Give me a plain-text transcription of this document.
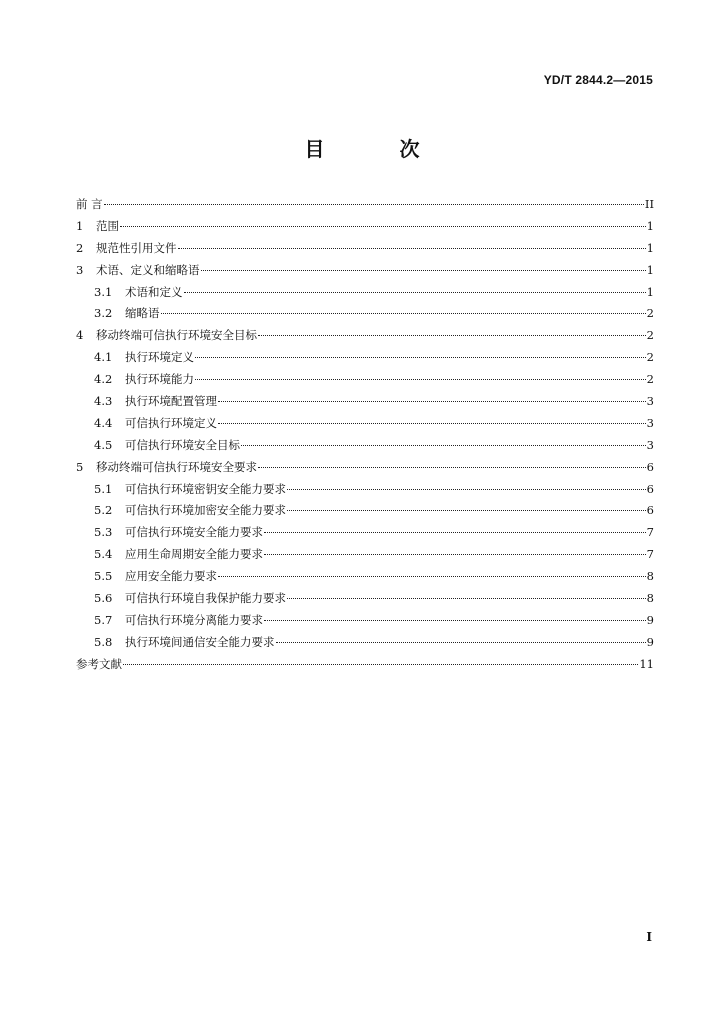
YD/T 2844.2—2015
目 次
前 言	II
1	范围	1
2	规范性引用文件	1
3	术语、定义和缩略语	1
3.1	术语和定义	1
3.2	缩略语	2
4	移动终端可信执行环境安全目标	2
4.1	执行环境定义	2
4.2	执行环境能力	2
4.3	执行环境配置管理	3
4.4	可信执行环境定义	3
4.5	可信执行环境安全目标	3
5	移动终端可信执行环境安全要求	6
5.1	可信执行环境密钥安全能力要求	6
5.2	可信执行环境加密安全能力要求	6
5.3	可信执行环境安全能力要求	7
5.4	应用生命周期安全能力要求	7
5.5	应用安全能力要求	8
5.6	可信执行环境自我保护能力要求	8
5.7	可信执行环境分离能力要求	9
5.8	执行环境间通信安全能力要求	9
参考文献	11
I
